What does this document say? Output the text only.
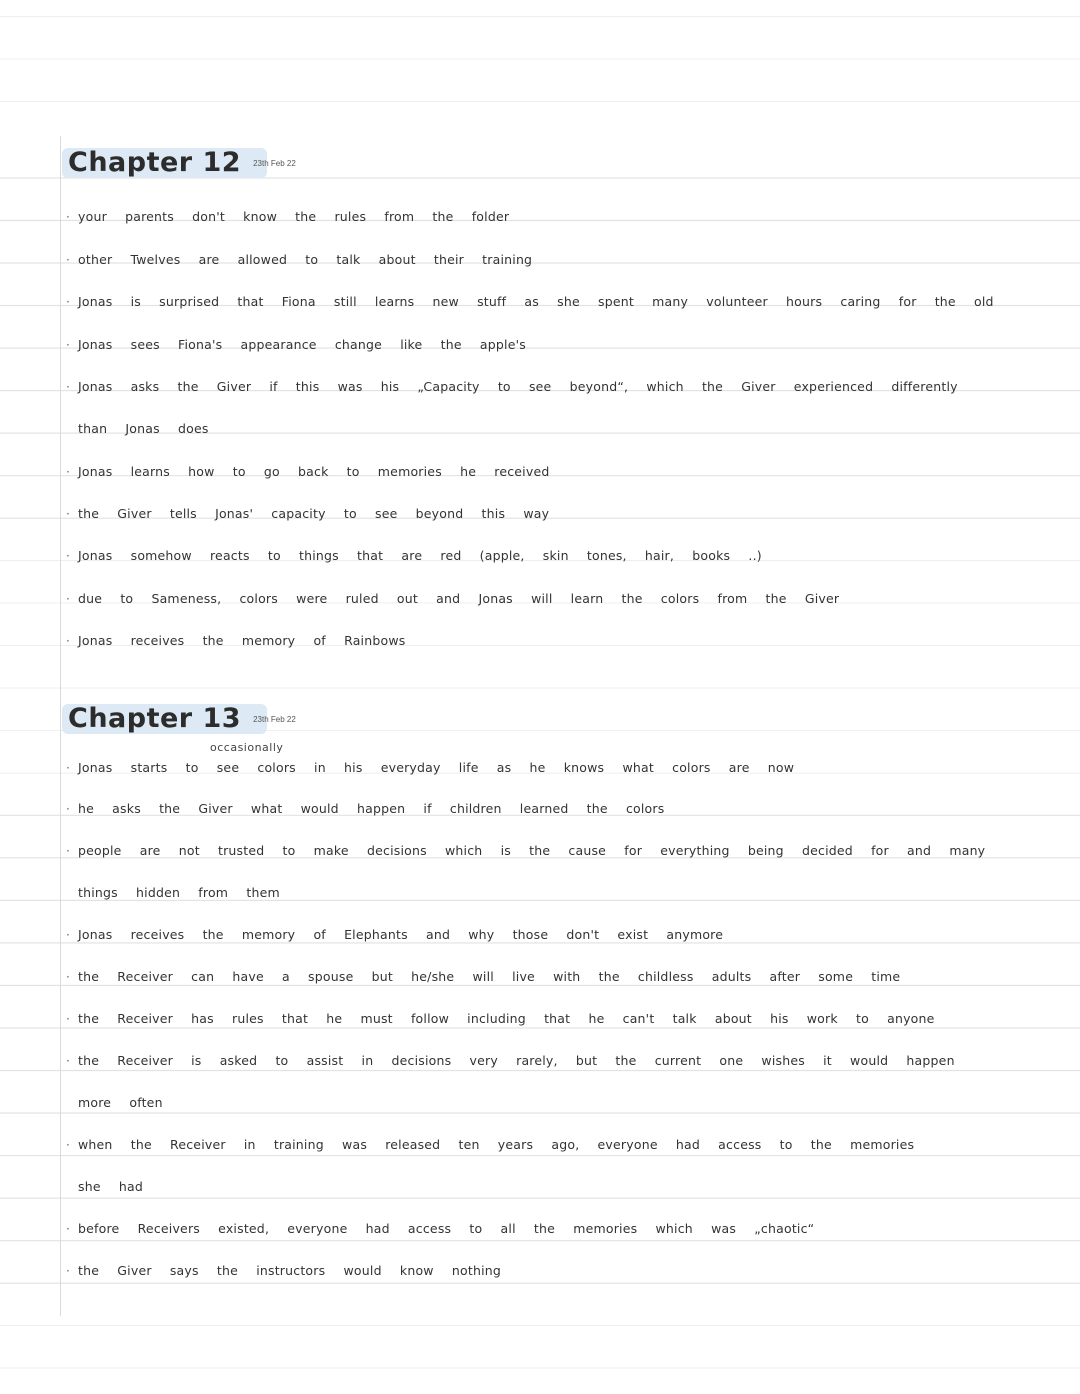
Chapter 12 23th Feb 22
· your parents don't know the rules from the folder
· other Twelves are allowed to talk about their training
· Jonas is surprised that Fiona still learns new stuff as she spent many volunteer hours caring for the old
· Jonas sees Fiona's appearance change like the apple's
· Jonas asks the Giver if this was his „Capacity to see beyond“, which the Giver experienced differently
than Jonas does
· Jonas learns how to go back to memories he received
· the Giver tells Jonas' capacity to see beyond this way
· Jonas somehow reacts to things that are red (apple, skin tones, hair, books ..)
· due to Sameness, colors were ruled out and Jonas will learn the colors from the Giver
· Jonas receives the memory of Rainbows
Chapter 13 23th Feb 22
occasionally
· Jonas starts to see colors in his everyday life as he knows what colors are now
· he asks the Giver what would happen if children learned the colors
· people are not trusted to make decisions which is the cause for everything being decided for and many
things hidden from them
· Jonas receives the memory of Elephants and why those don't exist anymore
· the Receiver can have a spouse but he/she will live with the childless adults after some time
· the Receiver has rules that he must follow including that he can't talk about his work to anyone
· the Receiver is asked to assist in decisions very rarely, but the current one wishes it would happen
more often
· when the Receiver in training was released ten years ago, everyone had access to the memories
she had
· before Receivers existed, everyone had access to all the memories which was „chaotic“
· the Giver says the instructors would know nothing
